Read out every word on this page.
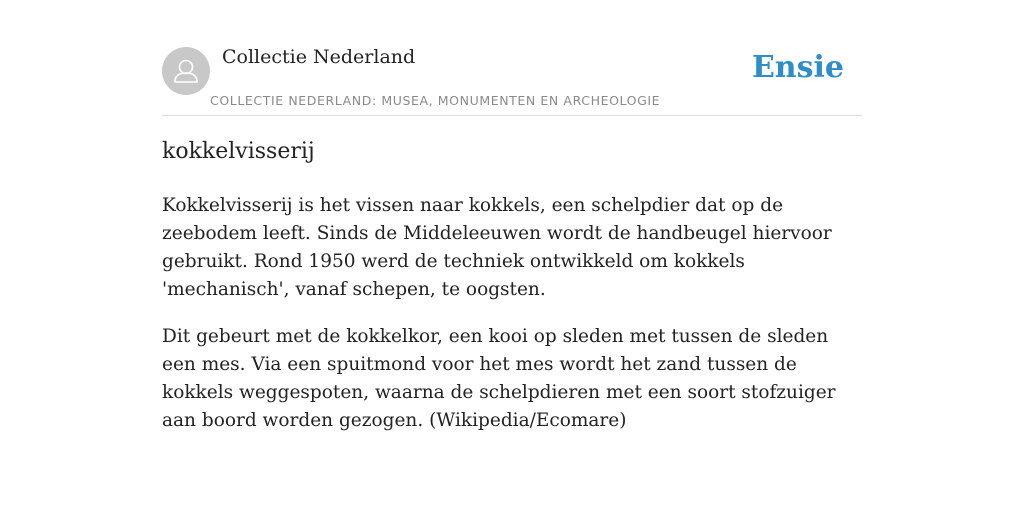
Collectie Nederland
COLLECTIE NEDERLAND: MUSEA, MONUMENTEN EN ARCHEOLOGIE
Ensie
kokkelvisserij

Kokkelvisserij is het vissen naar kokkels, een schelpdier dat op de zeebodem leeft. Sinds de Middeleeuwen wordt de handbeugel hiervoor gebruikt. Rond 1950 werd de techniek ontwikkeld om kokkels 'mechanisch', vanaf schepen, te oogsten.

Dit gebeurt met de kokkelkor, een kooi op sleden met tussen de sleden een mes. Via een spuitmond voor het mes wordt het zand tussen de kokkels weggespoten, waarna de schelpdieren met een soort stofzuiger aan boord worden gezogen. (Wikipedia/Ecomare)
